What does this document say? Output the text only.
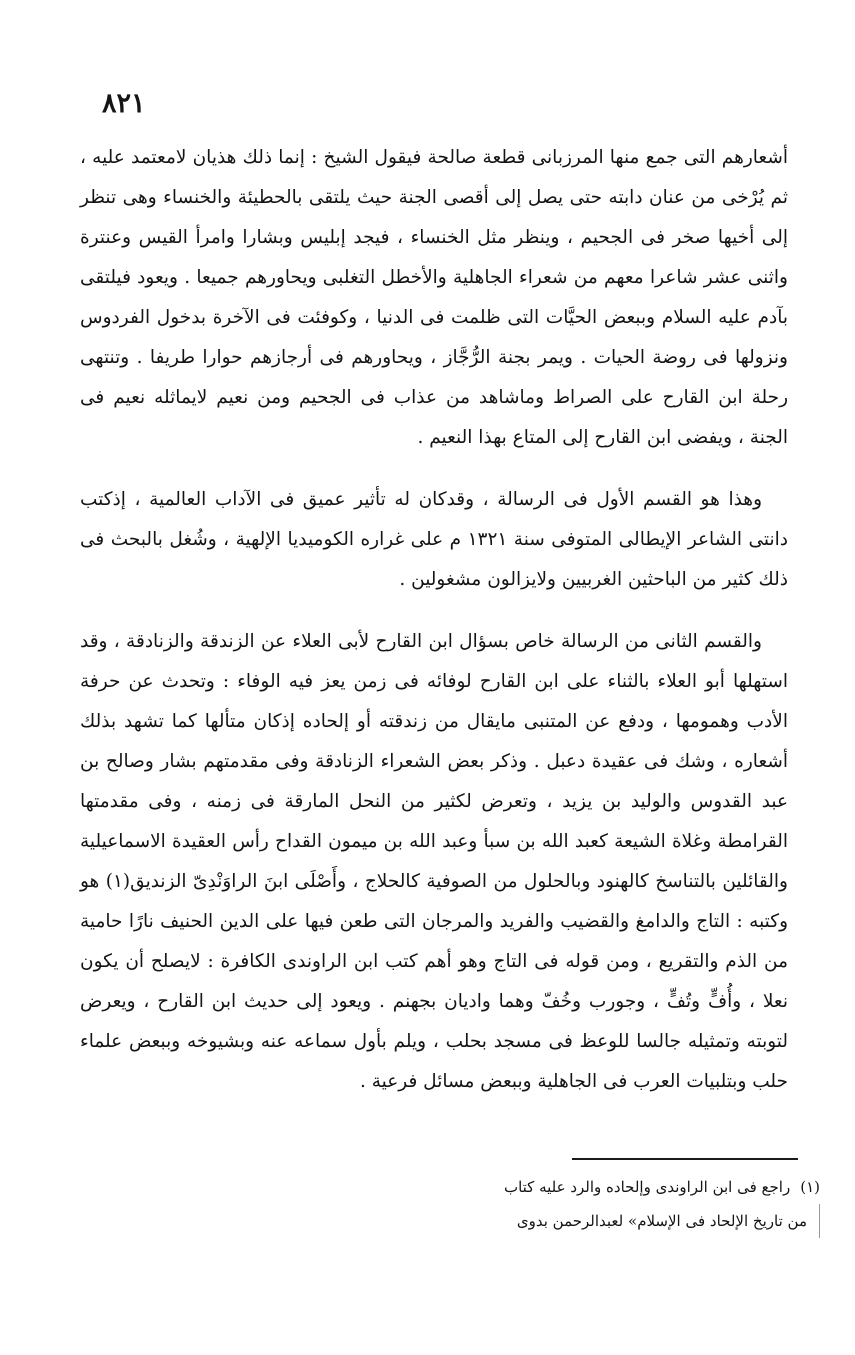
٨٢١

أشعارهم التى جمع منها المرزبانى قطعة صالحة فيقول الشيخ : إنما ذلك هذيان لامعتمد عليه ، ثم يُرْخى من عنان دابته حتى يصل إلى أقصى الجنة حيث يلتقى بالحطيئة والخنساء وهى تنظر إلى أخيها صخر فى الجحيم ، وينظر مثل الخنساء ، فيجد إبليس وبشارا وامرأ القيس وعنترة واثنى عشر شاعرا معهم من شعراء الجاهلية والأخطل التغلبى ويحاورهم جميعا . ويعود فيلتقى بآدم عليه السلام وببعض الحيَّات التى ظلمت فى الدنيا ، وكوفئت فى الآخرة بدخول الفردوس ونزولها فى روضة الحيات . ويمر بجنة الرُّجَّاز ، ويحاورهم فى أرجازهم حوارا طريفا . وتنتهى رحلة ابن القارح على الصراط وماشاهد من عذاب فى الجحيم ومن نعيم لايماثله نعيم فى الجنة ، ويفضى ابن القارح إلى المتاع بهذا النعيم .

وهذا هو القسم الأول فى الرسالة ، وقدكان له تأثير عميق فى الآداب العالمية ، إذكتب دانتى الشاعر الإيطالى المتوفى سنة ١٣٢١ م على غراره الكوميديا الإلهية ، وشُغل بالبحث فى ذلك كثير من الباحثين الغربيين ولايزالون مشغولين .

والقسم الثانى من الرسالة خاص بسؤال ابن القارح لأبى العلاء عن الزندقة والزنادقة ، وقد استهلها أبو العلاء بالثناء على ابن القارح لوفائه فى زمن يعز فيه الوفاء : وتحدث عن حرفة الأدب وهمومها ، ودفع عن المتنبى مايقال من زندقته أو إلحاده إذكان متألها كما تشهد بذلك أشعاره ، وشك فى عقيدة دعبل . وذكر بعض الشعراء الزنادقة وفى مقدمتهم بشار وصالح بن عبد القدوس والوليد بن يزيد ، وتعرض لكثير من النحل المارقة فى زمنه ، وفى مقدمتها القرامطة وغلاة الشيعة كعبد الله بن سبأ وعبد الله بن ميمون القداح رأس العقيدة الاسماعيلية والقائلين بالتناسخ كالهنود وبالحلول من الصوفية كالحلاج ، وأَصْلَى ابنَ الراوَنْدِىّ الزنديق(١) هو وكتبه : التاج والدامغ والقضيب والفريد والمرجان التى طعن فيها على الدين الحنيف نارًا حامية من الذم والتقريع ، ومن قوله فى التاج وهو أهم كتب ابن الراوندى الكافرة : لايصلح أن يكون نعلا ، وأُفٍّ وتُفٍّ ، وجورب وخُفّ وهما واديان بجهنم . ويعود إلى حديث ابن القارح ، ويعرض لتوبته وتمثيله جالسا للوعظ فى مسجد بحلب ، ويلم بأول سماعه عنه وبشيوخه وببعض علماء حلب وبتلبيات العرب فى الجاهلية وببعض مسائل فرعية .

(١)راجع فى ابن الراوندى وإلحاده والرد عليه كتاب

من تاريخ الإلحاد فى الإسلام» لعبدالرحمن بدوى
